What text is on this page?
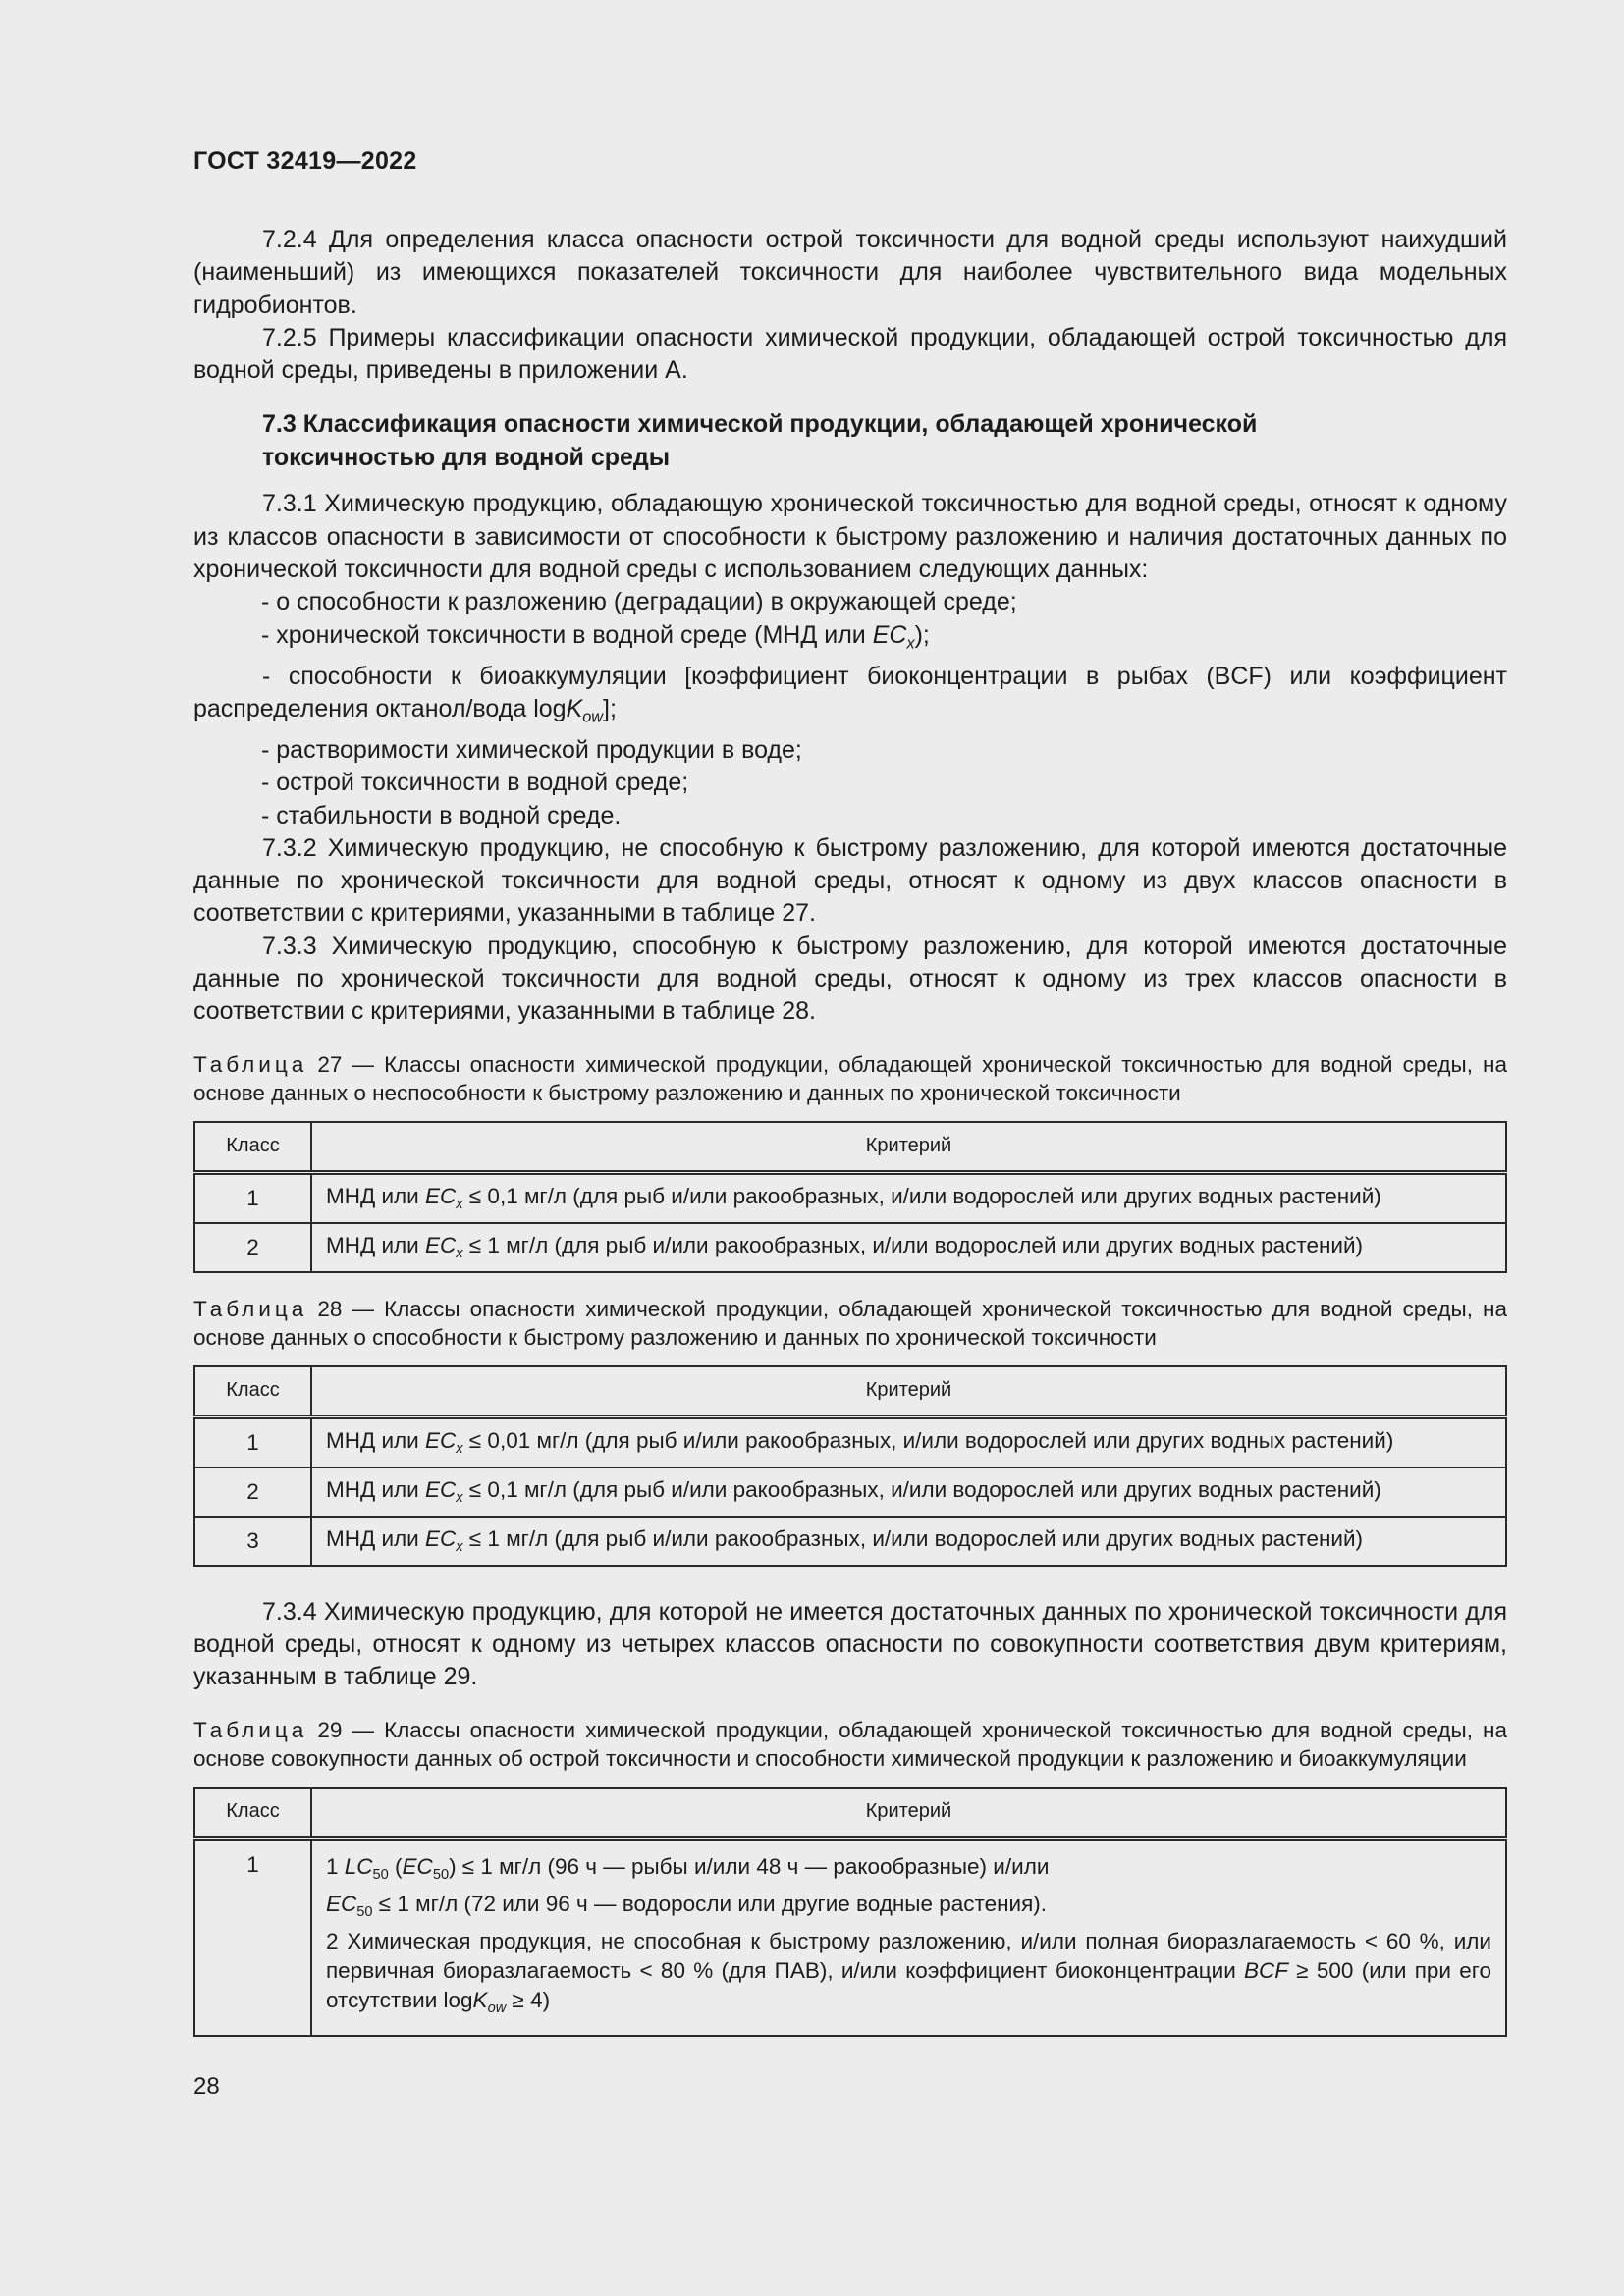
ГОСТ 32419—2022

7.2.4 Для определения класса опасности острой токсичности для водной среды используют наихудший (наименьший) из имеющихся показателей токсичности для наиболее чувствительного вида модельных гидробионтов.

7.2.5 Примеры классификации опасности химической продукции, обладающей острой токсичностью для водной среды, приведены в приложении А.

7.3 Классификация опасности химической продукции, обладающей хронической токсичностью для водной среды

7.3.1 Химическую продукцию, обладающую хронической токсичностью для водной среды, относят к одному из классов опасности в зависимости от способности к быстрому разложению и наличия достаточных данных по хронической токсичности для водной среды с использованием следующих данных:

- о способности к разложению (деградации) в окружающей среде;

- хронической токсичности в водной среде (МНД или $EC_x$);

- способности к биоаккумуляции [коэффициент биоконцентрации в рыбах (BCF) или коэффициент распределения октанол/вода logK$_{ow}$];

- растворимости химической продукции в воде;

- острой токсичности в водной среде;

- стабильности в водной среде.

7.3.2 Химическую продукцию, не способную к быстрому разложению, для которой имеются достаточные данные по хронической токсичности для водной среды, относят к одному из двух классов опасности в соответствии с критериями, указанными в таблице 27.

7.3.3 Химическую продукцию, способную к быстрому разложению, для которой имеются достаточные данные по хронической токсичности для водной среды, относят к одному из трех классов опасности в соответствии с критериями, указанными в таблице 28.

Таблица 27 — Классы опасности химической продукции, обладающей хронической токсичностью для водной среды, на основе данных о неспособности к быстрому разложению и данных по хронической токсичности

Класс	Критерий
1	МНД или $EC_x \le 0,1$ мг/л (для рыб и/или ракообразных, и/или водорослей или других водных растений)
2	МНД или $EC_x \le 1$ мг/л (для рыб и/или ракообразных, и/или водорослей или других водных растений)

Таблица 28 — Классы опасности химической продукции, обладающей хронической токсичностью для водной среды, на основе данных о способности к быстрому разложению и данных по хронической токсичности

Класс	Критерий
1	МНД или $EC_x \le 0,01$ мг/л (для рыб и/или ракообразных, и/или водорослей или других водных растений)
2	МНД или $EC_x \le 0,1$ мг/л (для рыб и/или ракообразных, и/или водорослей или других водных растений)
3	МНД или $EC_x \le 1$ мг/л (для рыб и/или ракообразных, и/или водорослей или других водных растений)

7.3.4 Химическую продукцию, для которой не имеется достаточных данных по хронической токсичности для водной среды, относят к одному из четырех классов опасности по совокупности соответствия двум критериям, указанным в таблице 29.

Таблица 29 — Классы опасности химической продукции, обладающей хронической токсичностью для водной среды, на основе совокупности данных об острой токсичности и способности химической продукции к разложению и биоаккумуляции

Класс	Критерий
1	1 $LC_{50}$ $(EC_{50}) \le 1$ мг/л (96 ч — рыбы и/или 48 ч — ракообразные) и/или
$EC_{50} \le 1$ мг/л (72 или 96 ч — водоросли или другие водные растения).
2 Химическая продукция, не способная к быстрому разложению, и/или полная биоразлагаемость < 60 %, или первичная биоразлагаемость < 80 % (для ПАВ), и/или коэффициент биоконцентрации BCF ≥ 500 (или при его отсутствии logK$_{ow}$ ≥ 4)
28
